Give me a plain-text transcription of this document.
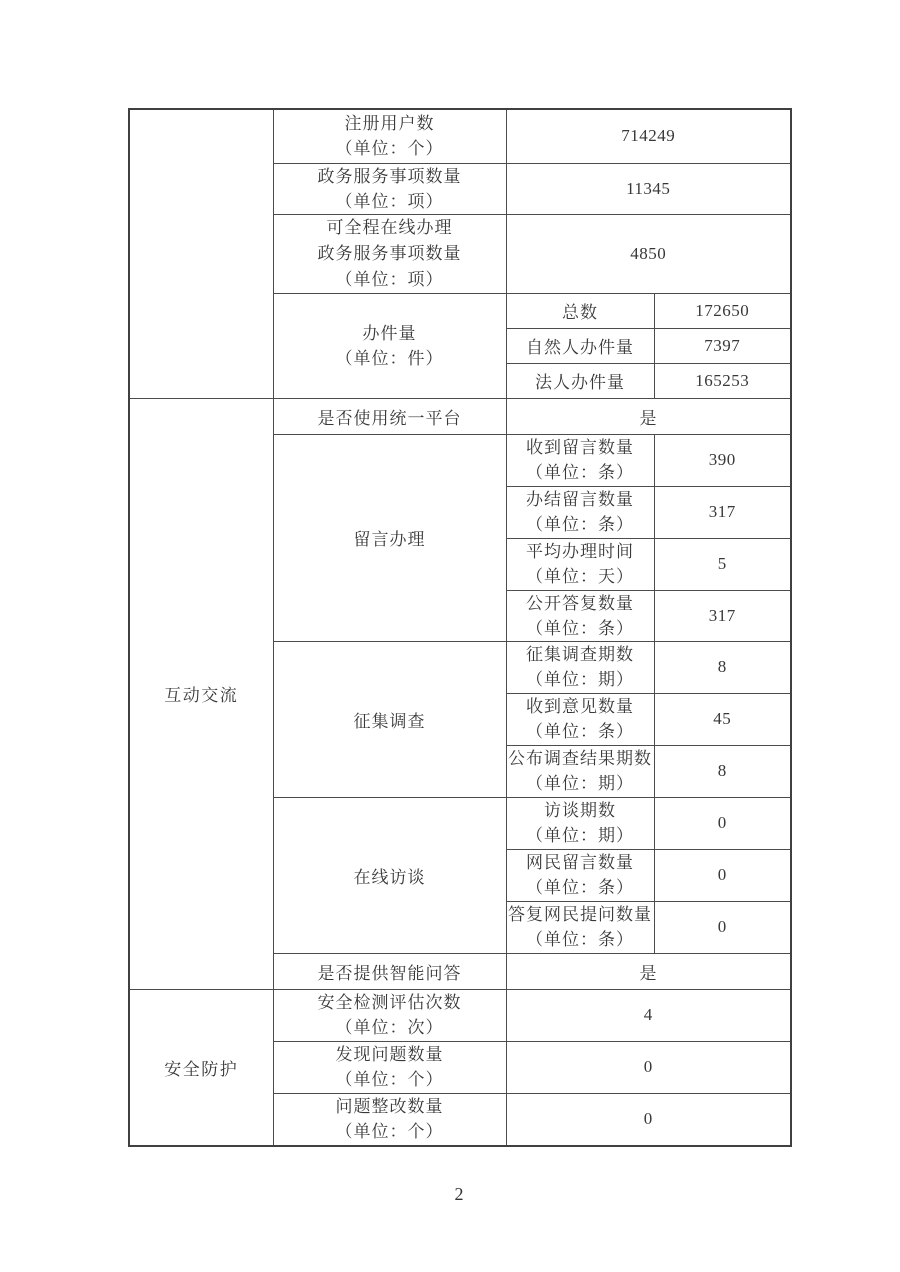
	注册用户数
（单位：个）	714249	

	政务服务事项数量
（单位：项）	11345	

	可全程在线办理
政务服务事项数量
（单位：项）	4850	

	办件量
（单位：件）	总数	172650
		自然人办件量	7397
		法人办件量	165253
互动交流	是否使用统一平台	是	
	留言办理	收到留言数量
（单位：条）	390

		办结留言数量
（单位：条）	317

		平均办理时间
（单位：天）	5

		公开答复数量
（单位：条）	317
	征集调查	征集调查期数
（单位：期）	8

		收到意见数量
（单位：条）	45

		公布调查结果期数
（单位：期）	8
	在线访谈	访谈期数
（单位：期）	0

		网民留言数量
（单位：条）	0

		答复网民提问数量
（单位：条）	0
	是否提供智能问答	是	
安全防护	安全检测评估次数
（单位：次）	4	

	发现问题数量
（单位：个）	0	

	问题整改数量
（单位：个）	0	
2
